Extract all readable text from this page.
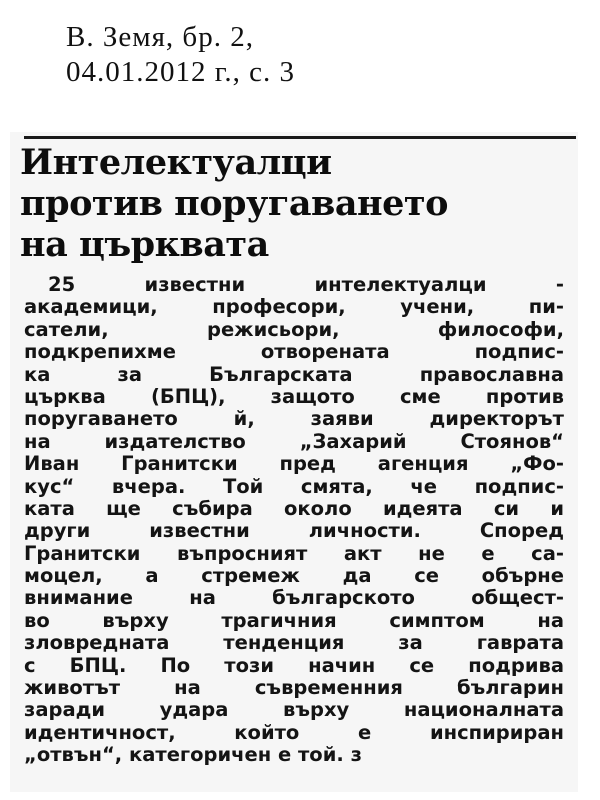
В. Земя, бр. 2,
04.01.2012 г., с. 3
Интелектуалци
против поругаването
на църквата
25 известни интелектуалци -
академици, професори, учени, пи-
сатели, режисьори, философи,
подкрепихме отворената подпис-
ка за Българската православна
църква (БПЦ), защото сме против
поругаването й, заяви директорът
на издателство „Захарий Стоянов“
Иван Гранитски пред агенция „Фо-
кус“ вчера. Той смята, че подпис-
ката ще събира около идеята си и
други известни личности. Според
Гранитски въпросният акт не е са-
моцел, а стремеж да се обърне
внимание на българското общест-
во върху трагичния симптом на
зловредната тенденция за гаврата
с БПЦ. По този начин се подрива
животът на съвременния българин
заради удара върху националната
идентичност, който е инспириран
„отвън“, категоричен е той. з
